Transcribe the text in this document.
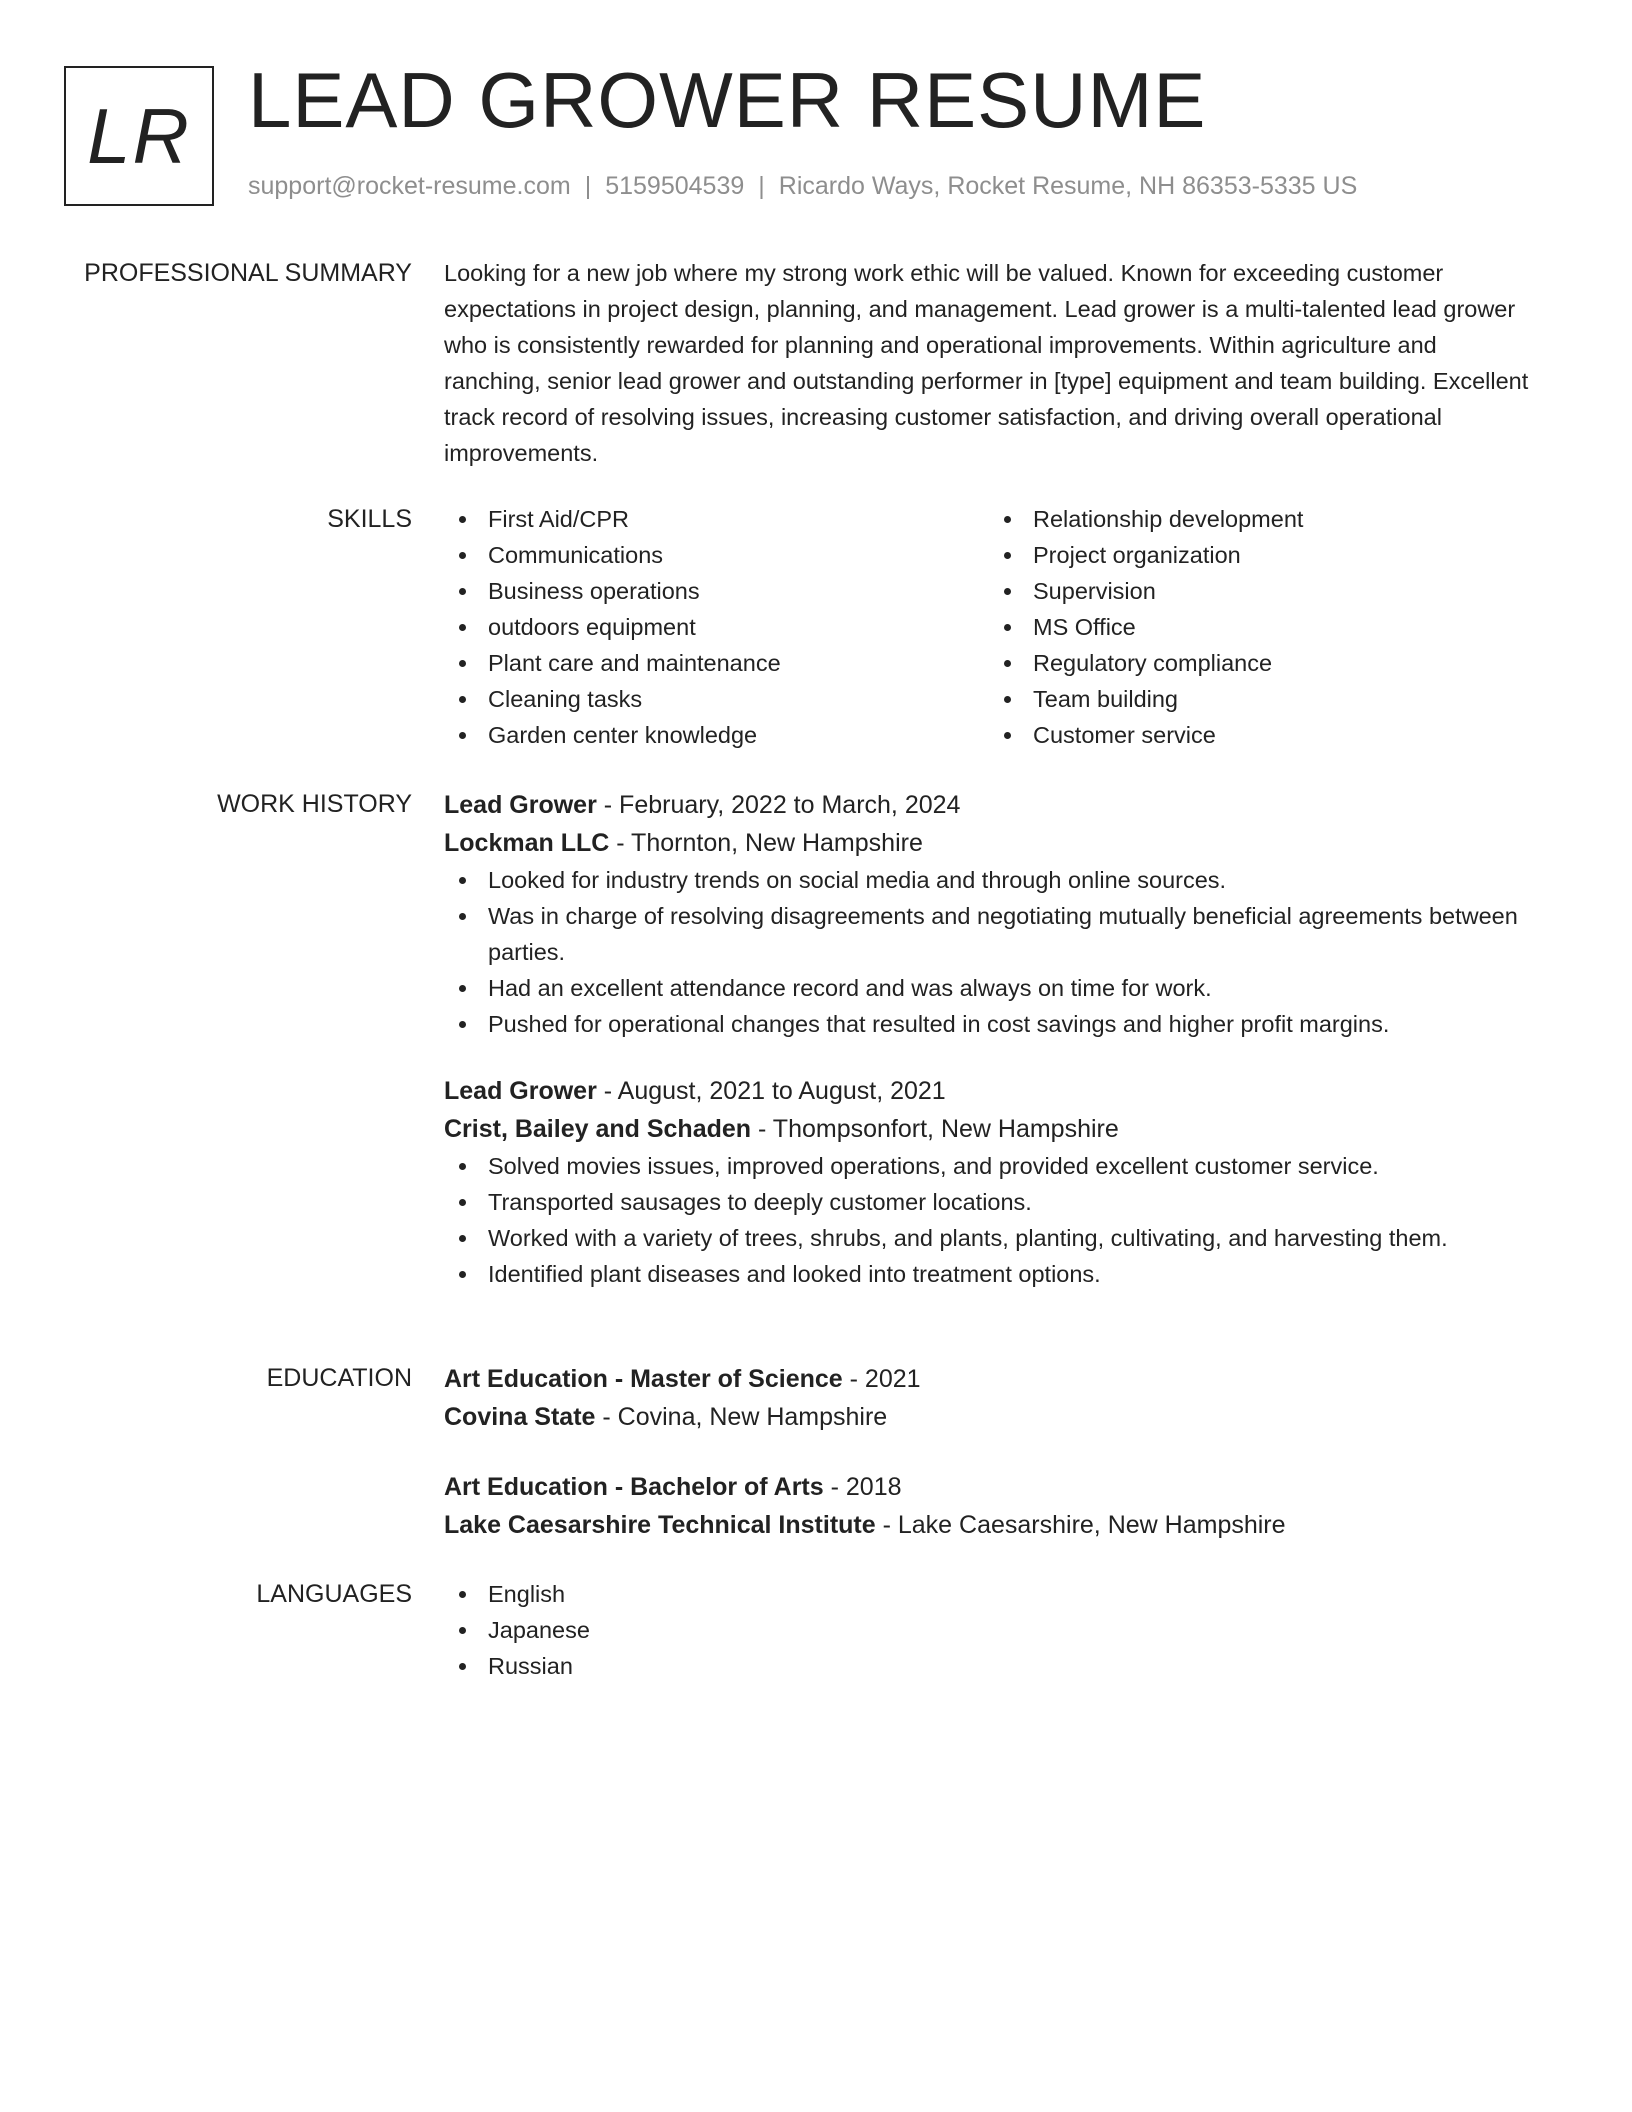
LR LEAD GROWER RESUME
support@rocket-resume.com | 5159504539 | Ricardo Ways, Rocket Resume, NH 86353-5335 US
PROFESSIONAL SUMMARY Looking for a new job where my strong work ethic will be valued. Known for exceeding customer expectations in project design, planning, and management. Lead grower is a multi-talented lead grower who is consistently rewarded for planning and operational improvements. Within agriculture and ranching, senior lead grower and outstanding performer in [type] equipment and team building. Excellent track record of resolving issues, increasing customer satisfaction, and driving overall operational improvements.

SKILLS	First Aid/CPR
Communications
Business operations
outdoors equipment
Plant care and maintenance
Cleaning tasks
Garden center knowledge
Relationship development
Project organization
Supervision
MS Office
Regulatory compliance
Team building
Customer service
WORK HISTORY Lead Grower - February, 2022 to March, 2024
Lockman LLC - Thornton, New Hampshire
Looked for industry trends on social media and through online sources.
Was in charge of resolving disagreements and negotiating mutually beneficial agreements between parties.
Had an excellent attendance record and was always on time for work.
Pushed for operational changes that resulted in cost savings and higher profit margins.
Lead Grower - August, 2021 to August, 2021
Crist, Bailey and Schaden - Thompsonfort, New Hampshire
Solved movies issues, improved operations, and provided excellent customer service.
Transported sausages to deeply customer locations.
Worked with a variety of trees, shrubs, and plants, planting, cultivating, and harvesting them.
Identified plant diseases and looked into treatment options.
EDUCATION Art Education - Master of Science - 2021
Covina State - Covina, New Hampshire
Art Education - Bachelor of Arts - 2018
Lake Caesarshire Technical Institute - Lake Caesarshire, New Hampshire
LANGUAGES	English
Japanese
Russian
